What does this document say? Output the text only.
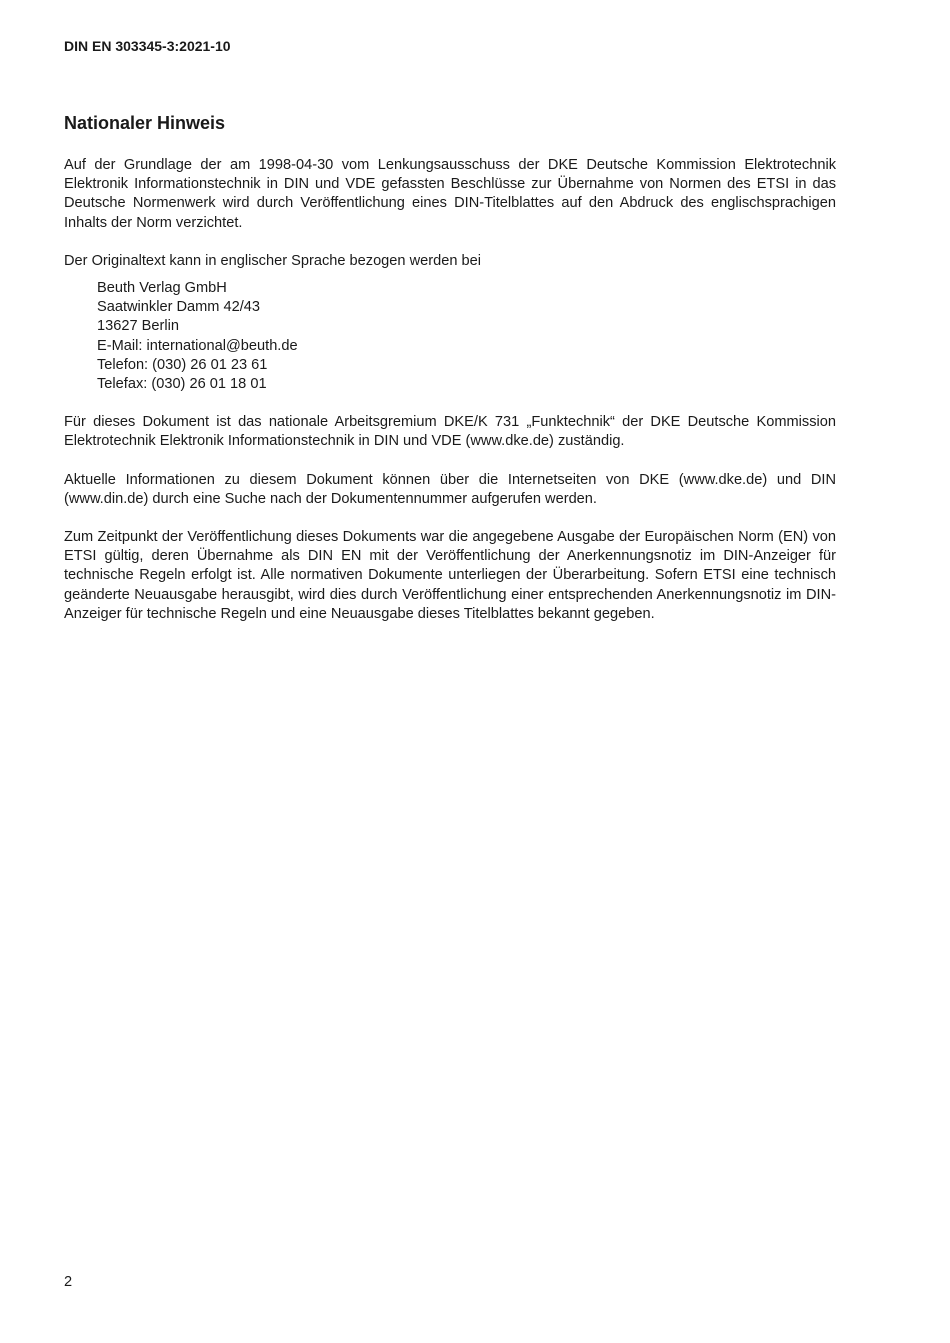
DIN EN 303345-3:2021-10
Nationaler Hinweis

Auf der Grundlage der am 1998-04-30 vom Lenkungsausschuss der DKE Deutsche Kommission Elektrotechnik Elektronik Informationstechnik in DIN und VDE gefassten Beschlüsse zur Übernahme von Normen des ETSI in das Deutsche Normenwerk wird durch Veröffentlichung eines DIN-Titelblattes auf den Abdruck des englischsprachigen Inhalts der Norm verzichtet.

Der Originaltext kann in englischer Sprache bezogen werden bei

Beuth Verlag GmbH
Saatwinkler Damm 42/43
13627 Berlin
E-Mail: international@beuth.de
Telefon: (030) 26 01 23 61
Telefax: (030) 26 01 18 01

Für dieses Dokument ist das nationale Arbeitsgremium DKE/K 731 „Funktechnik“ der DKE Deutsche Kommission Elektrotechnik Elektronik Informationstechnik in DIN und VDE (www.dke.de) zuständig.

Aktuelle Informationen zu diesem Dokument können über die Internetseiten von DKE (www.dke.de) und DIN (www.din.de) durch eine Suche nach der Dokumentennummer aufgerufen werden.

Zum Zeitpunkt der Veröffentlichung dieses Dokuments war die angegebene Ausgabe der Europäischen Norm (EN) von ETSI gültig, deren Übernahme als DIN EN mit der Veröffentlichung der Anerkennungsnotiz im DIN-Anzeiger für technische Regeln erfolgt ist. Alle normativen Dokumente unterliegen der Überarbeitung. Sofern ETSI eine technisch geänderte Neuausgabe herausgibt, wird dies durch Veröffentlichung einer entsprechenden Anerkennungsnotiz im DIN-Anzeiger für technische Regeln und eine Neuausgabe dieses Titelblattes bekannt gegeben.

2
